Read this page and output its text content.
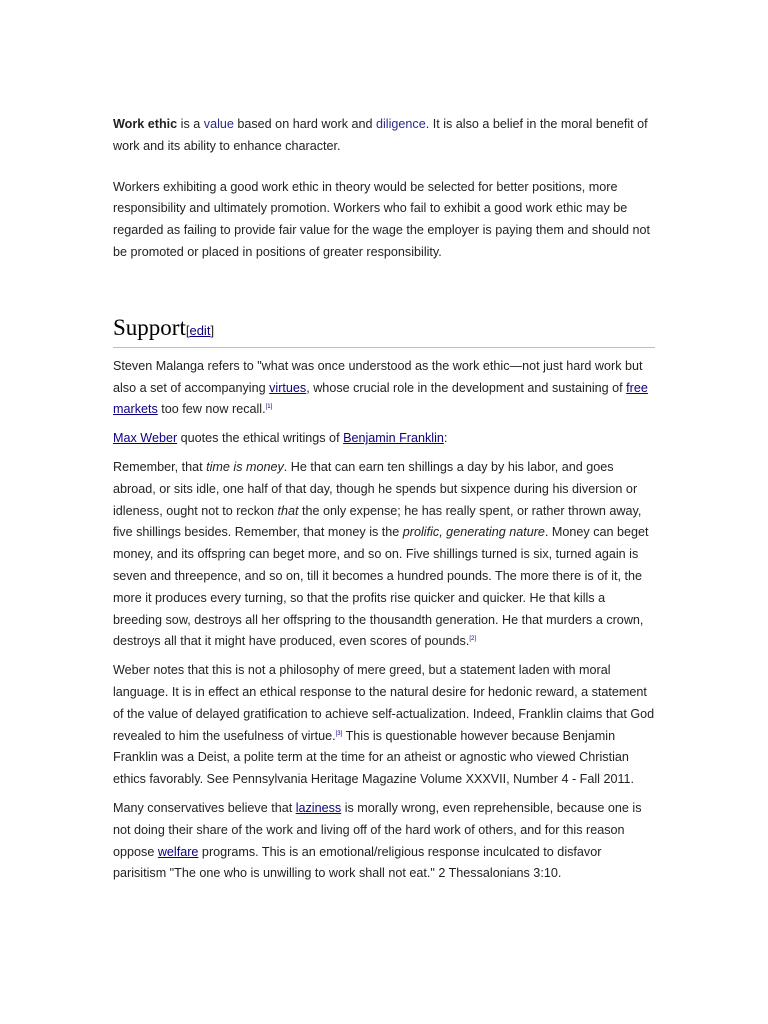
Work ethic is a value based on hard work and diligence. It is also a belief in the moral benefit of work and its ability to enhance character.

Workers exhibiting a good work ethic in theory would be selected for better positions, more responsibility and ultimately promotion. Workers who fail to exhibit a good work ethic may be regarded as failing to provide fair value for the wage the employer is paying them and should not be promoted or placed in positions of greater responsibility.

Support[edit]

Steven Malanga refers to "what was once understood as the work ethic—not just hard work but also a set of accompanying virtues, whose crucial role in the development and sustaining of free markets too few now recall.[1]

Max Weber quotes the ethical writings of Benjamin Franklin:

Remember, that time is money. He that can earn ten shillings a day by his labor, and goes abroad, or sits idle, one half of that day, though he spends but sixpence during his diversion or idleness, ought not to reckon that the only expense; he has really spent, or rather thrown away, five shillings besides. Remember, that money is the prolific, generating nature. Money can beget money, and its offspring can beget more, and so on. Five shillings turned is six, turned again is seven and threepence, and so on, till it becomes a hundred pounds. The more there is of it, the more it produces every turning, so that the profits rise quicker and quicker. He that kills a breeding sow, destroys all her offspring to the thousandth generation. He that murders a crown, destroys all that it might have produced, even scores of pounds.[2]

Weber notes that this is not a philosophy of mere greed, but a statement laden with moral language. It is in effect an ethical response to the natural desire for hedonic reward, a statement of the value of delayed gratification to achieve self-actualization. Indeed, Franklin claims that God revealed to him the usefulness of virtue.[3] This is questionable however because Benjamin Franklin was a Deist, a polite term at the time for an atheist or agnostic who viewed Christian ethics favorably. See Pennsylvania Heritage Magazine Volume XXXVII, Number 4 - Fall 2011.

Many conservatives believe that laziness is morally wrong, even reprehensible, because one is not doing their share of the work and living off of the hard work of others, and for this reason oppose welfare programs. This is an emotional/religious response inculcated to disfavor parisitism "The one who is unwilling to work shall not eat." 2 Thessalonians 3:10.
